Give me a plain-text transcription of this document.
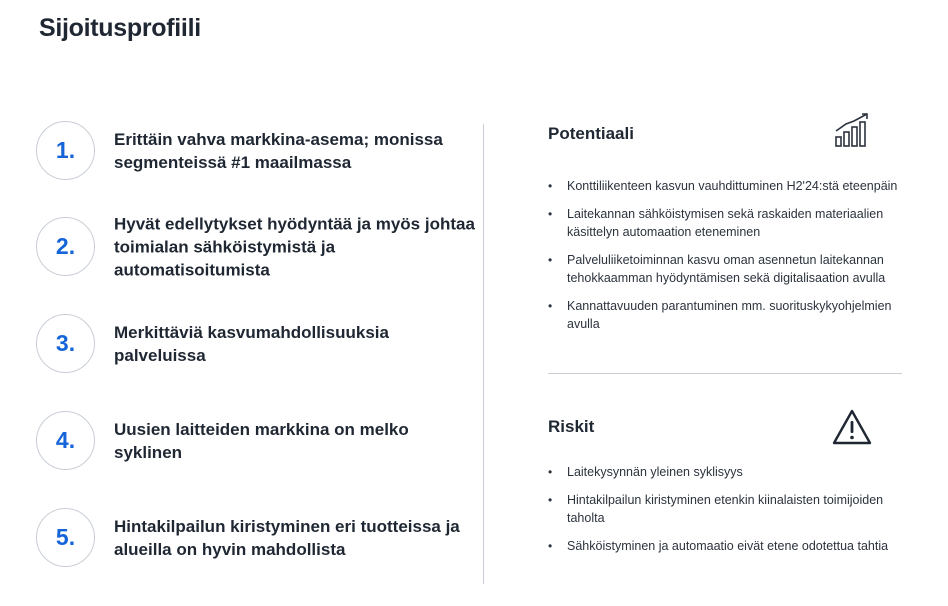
Sijoitusprofiili
1.	Erittäin vahva markkina-asema; monissa segmenteissä #1 maailmassa
2.
Hyvät edellytykset hyödyntää ja myös johtaa toimialan sähköistymistä ja automatisoitumista
3.	Merkittäviä kasvumahdollisuuksia palveluissa
4.	Uusien laitteiden markkina on melko syklinen
5.	Hintakilpailun kiristyminen eri tuotteissa ja alueilla on hyvin mahdollista
Potentiaali
• Konttiliikenteen kasvun vauhdittuminen H2'24:stä eteenpäin
• Laitekannan sähköistymisen sekä raskaiden materiaalien käsittelyn automaation eteneminen
• Palveluliiketoiminnan kasvu oman asennetun laitekannan tehokkaamman hyödyntämisen sekä digitalisaation avulla
• Kannattavuuden parantuminen mm. suorituskykyohjelmien avulla
Riskit
• Laitekysynnän yleinen syklisyys
• Hintakilpailun kiristyminen etenkin kiinalaisten toimijoiden taholta
• Sähköistyminen ja automaatio eivät etene odotettua tahtia
